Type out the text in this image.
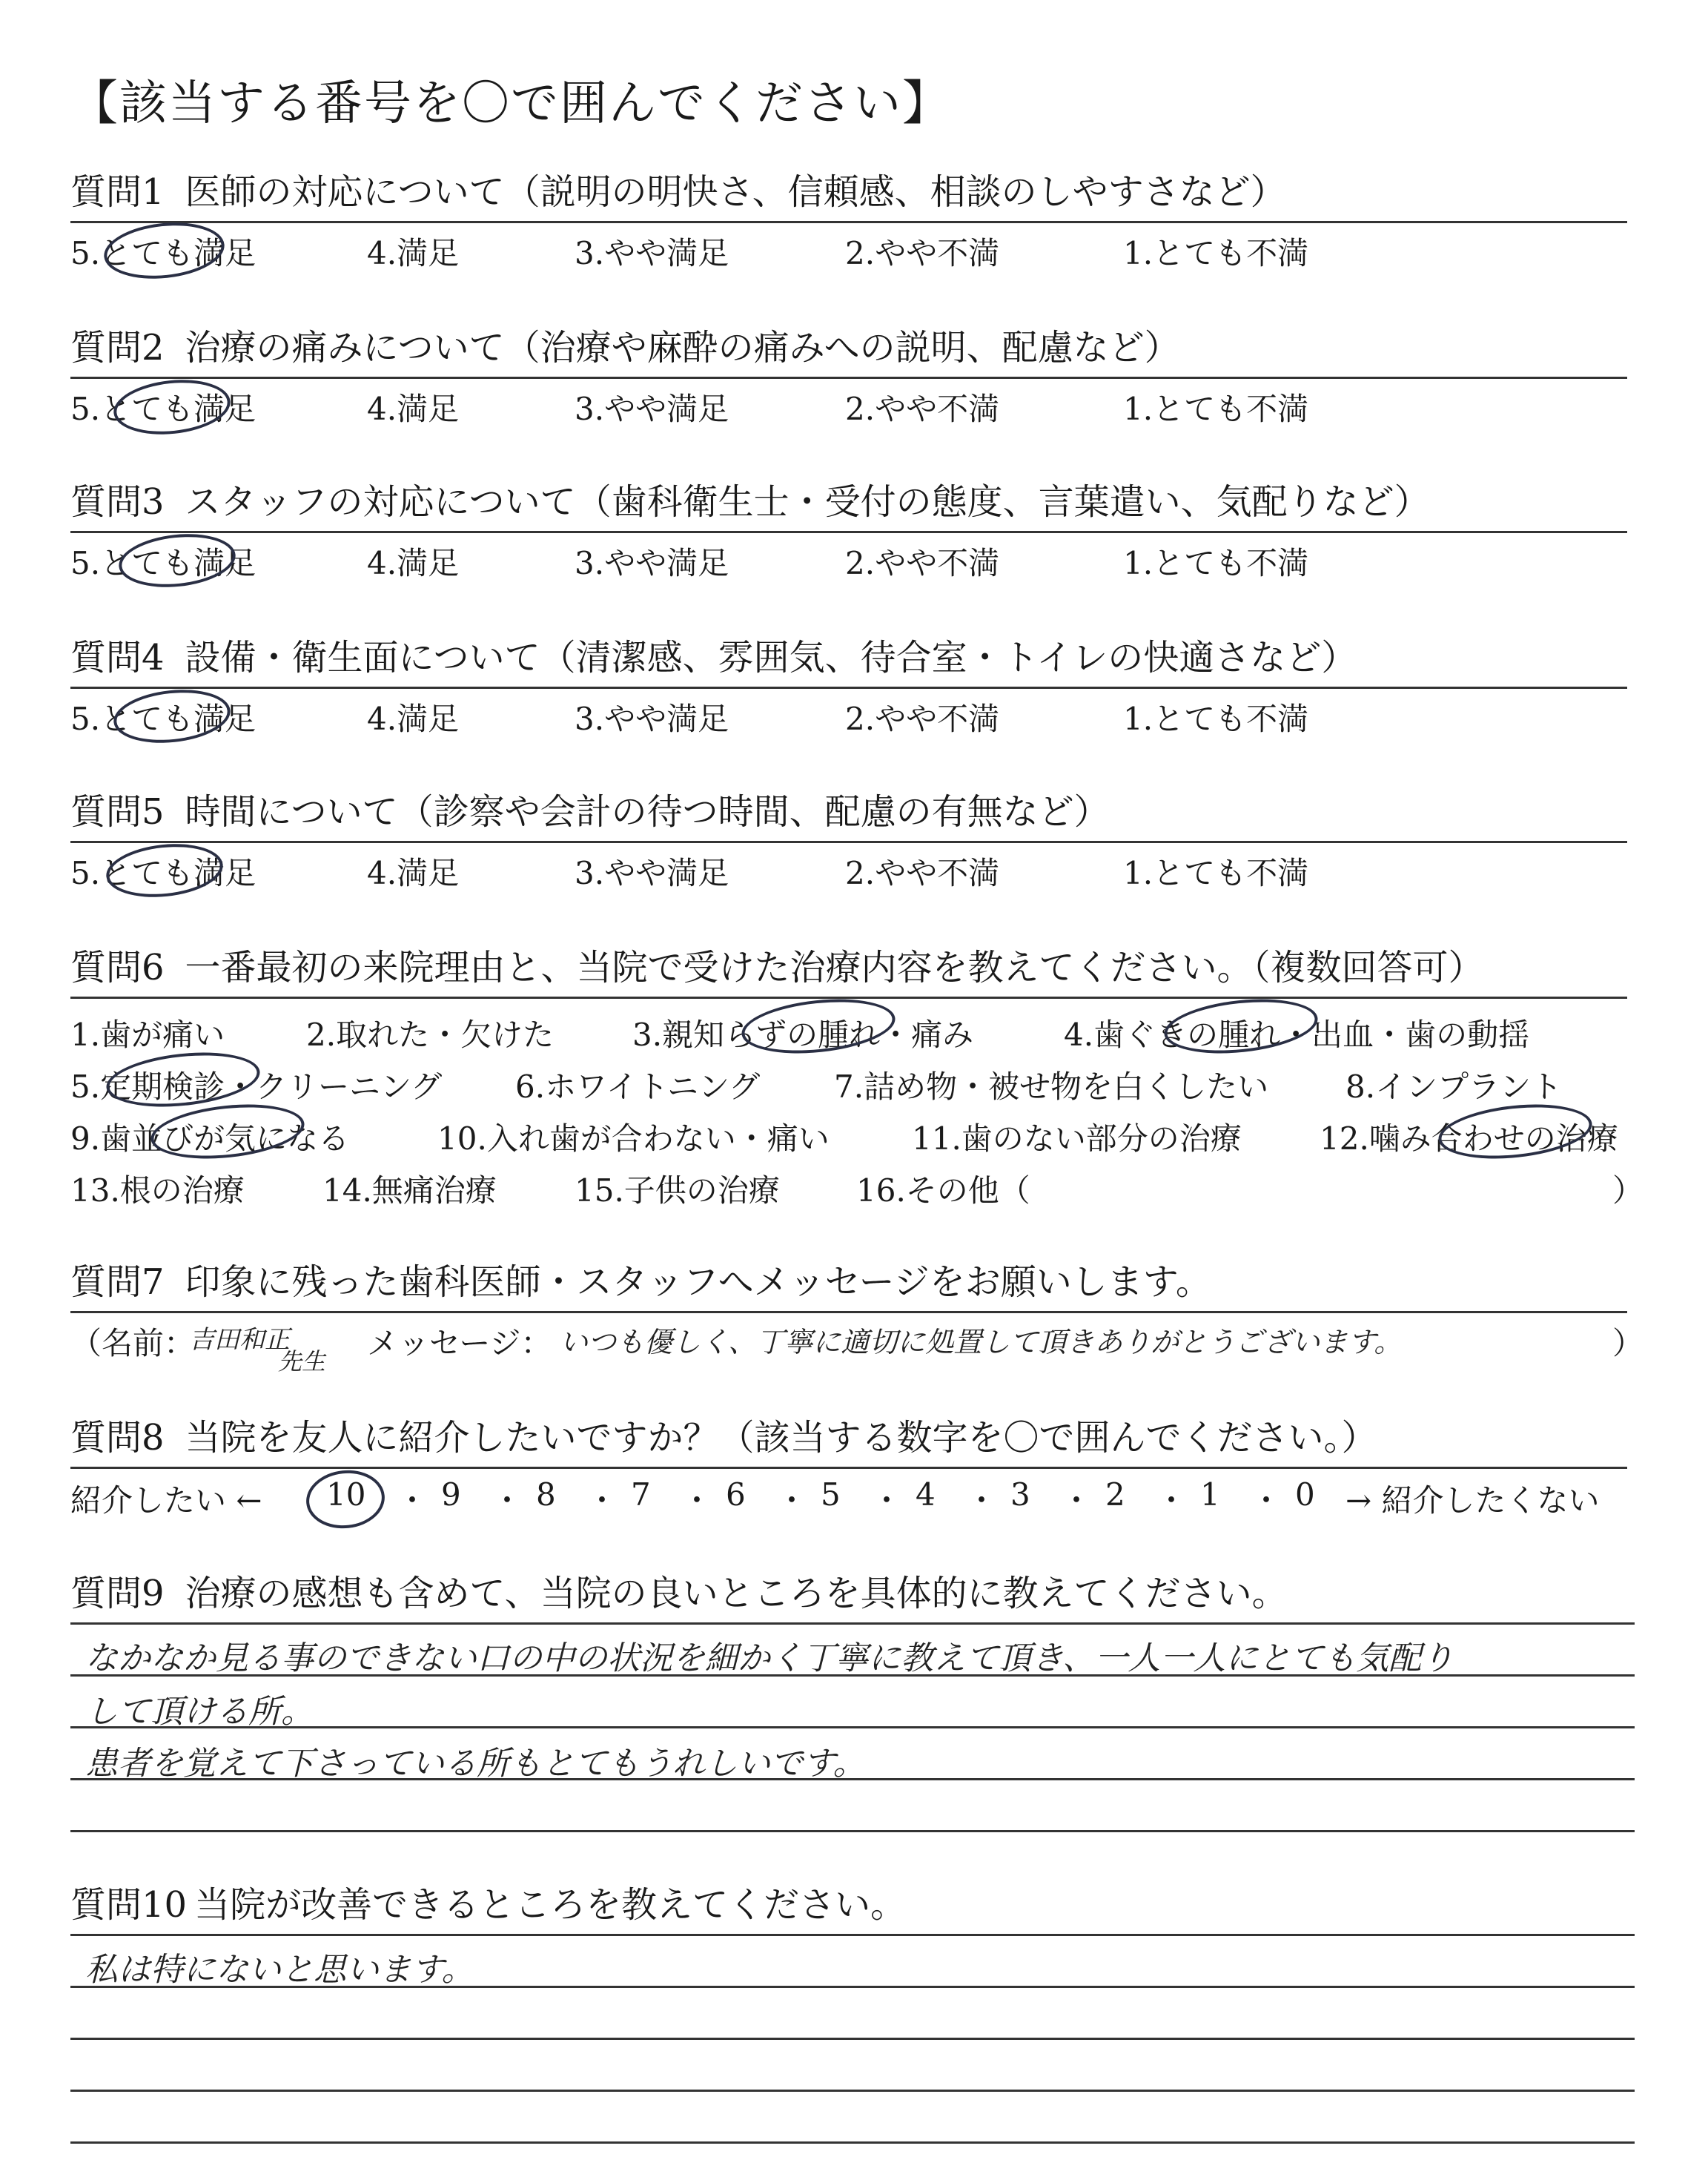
【該当する番号を〇で囲んでください】
質問1 医師の対応について（説明の明快さ、信頼感、相談のしやすさなど）
5.とても満足	4.満足	3.やや満足	2.やや不満	1.とても不満
質問2 治療の痛みについて（治療や麻酔の痛みへの説明、配慮など）
5.とても満足	4.満足	3.やや満足	2.やや不満	1.とても不満
質問3 スタッフの対応について（歯科衛生士・受付の態度、言葉遣い、気配りなど）
5.とても満足	4.満足	3.やや満足	2.やや不満	1.とても不満
質問4 設備・衛生面について（清潔感、雰囲気、待合室・トイレの快適さなど）
5.とても満足	4.満足	3.やや満足	2.やや不満	1.とても不満
質問5 時間について（診察や会計の待つ時間、配慮の有無など）
5.とても満足	4.満足	3.やや満足	2.やや不満	1.とても不満
質問6 一番最初の来院理由と、当院で受けた治療内容を教えてください。（複数回答可）
1.歯が痛い	2.取れた・欠けた	3.親知らずの腫れ・痛み	4.歯ぐきの腫れ・出血・歯の動揺
5.定期検診・クリーニング 6.ホワイトニング 7.詰め物・被せ物を白くしたい 8.インプラント
9.歯並びが気になる	10.入れ歯が合わない・痛い	11.歯のない部分の治療	12.噛み合わせの治療
13.根の治療	14.無痛治療	15.子供の治療 16.その他（	）
質問7 印象に残った歯科医師・スタッフへメッセージをお願いします。
（名前：
吉田和正
先生 メッセージ： いつも優しく、丁寧に適切に処置して頂きありがとうございます。	）
質問8 当院を友人に紹介したいですか？（該当する数字を〇で囲んでください。）
紹介したい ← 10 ・ 9 ・ 8 ・ 7 ・ 6 ・ 5 ・ 4 ・ 3 ・ 2 ・ 1 ・ 0 → 紹介したくない
質問9 治療の感想も含めて、当院の良いところを具体的に教えてください。
なかなか見る事のできない口の中の状況を細かく丁寧に教えて頂き、一人一人にとても気配り
して頂ける所。
患者を覚えて下さっている所もとてもうれしいです。
質問10 当院が改善できるところを教えてください。
私は特にないと思います。
